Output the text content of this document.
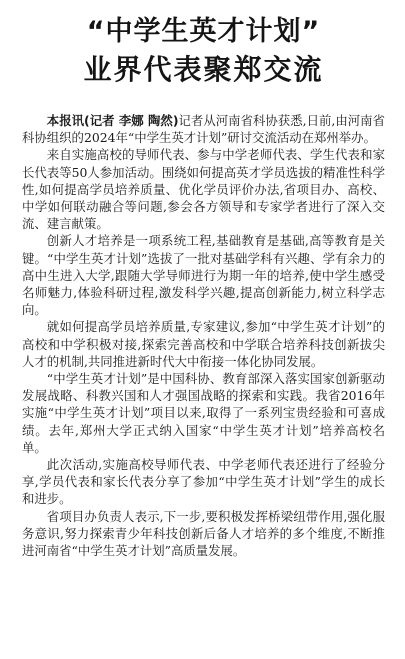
“中学生英才计划”
业界代表聚郑交流

本报讯(记者 李娜 陶然)记者从河南省科协获悉,日前,由河南省科协组织的2024年“中学生英才计划”研讨交流活动在郑州举办。

来自实施高校的导师代表、参与中学老师代表、学生代表和家长代表等50人参加活动。围绕如何提高英才学员选拔的精准性科学性,如何提高学员培养质量、优化学员评价办法,省项目办、高校、中学如何联动融合等问题,参会各方领导和专家学者进行了深入交流、建言献策。

创新人才培养是一项系统工程,基础教育是基础,高等教育是关键。“中学生英才计划”选拔了一批对基础学科有兴趣、学有余力的高中生进入大学,跟随大学导师进行为期一年的培养,使中学生感受名师魅力,体验科研过程,激发科学兴趣,提高创新能力,树立科学志向。

就如何提高学员培养质量,专家建议,参加“中学生英才计划”的高校和中学积极对接,探索完善高校和中学联合培养科技创新拔尖人才的机制,共同推进新时代大中衔接一体化协同发展。

“中学生英才计划”是中国科协、教育部深入落实国家创新驱动发展战略、科教兴国和人才强国战略的探索和实践。我省2016年实施“中学生英才计划”项目以来,取得了一系列宝贵经验和可喜成绩。去年,郑州大学正式纳入国家“中学生英才计划”培养高校名单。

此次活动,实施高校导师代表、中学老师代表还进行了经验分享,学员代表和家长代表分享了参加“中学生英才计划”学生的成长和进步。

省项目办负责人表示,下一步,要积极发挥桥梁纽带作用,强化服务意识,努力探索青少年科技创新后备人才培养的多个维度,不断推进河南省“中学生英才计划”高质量发展。
